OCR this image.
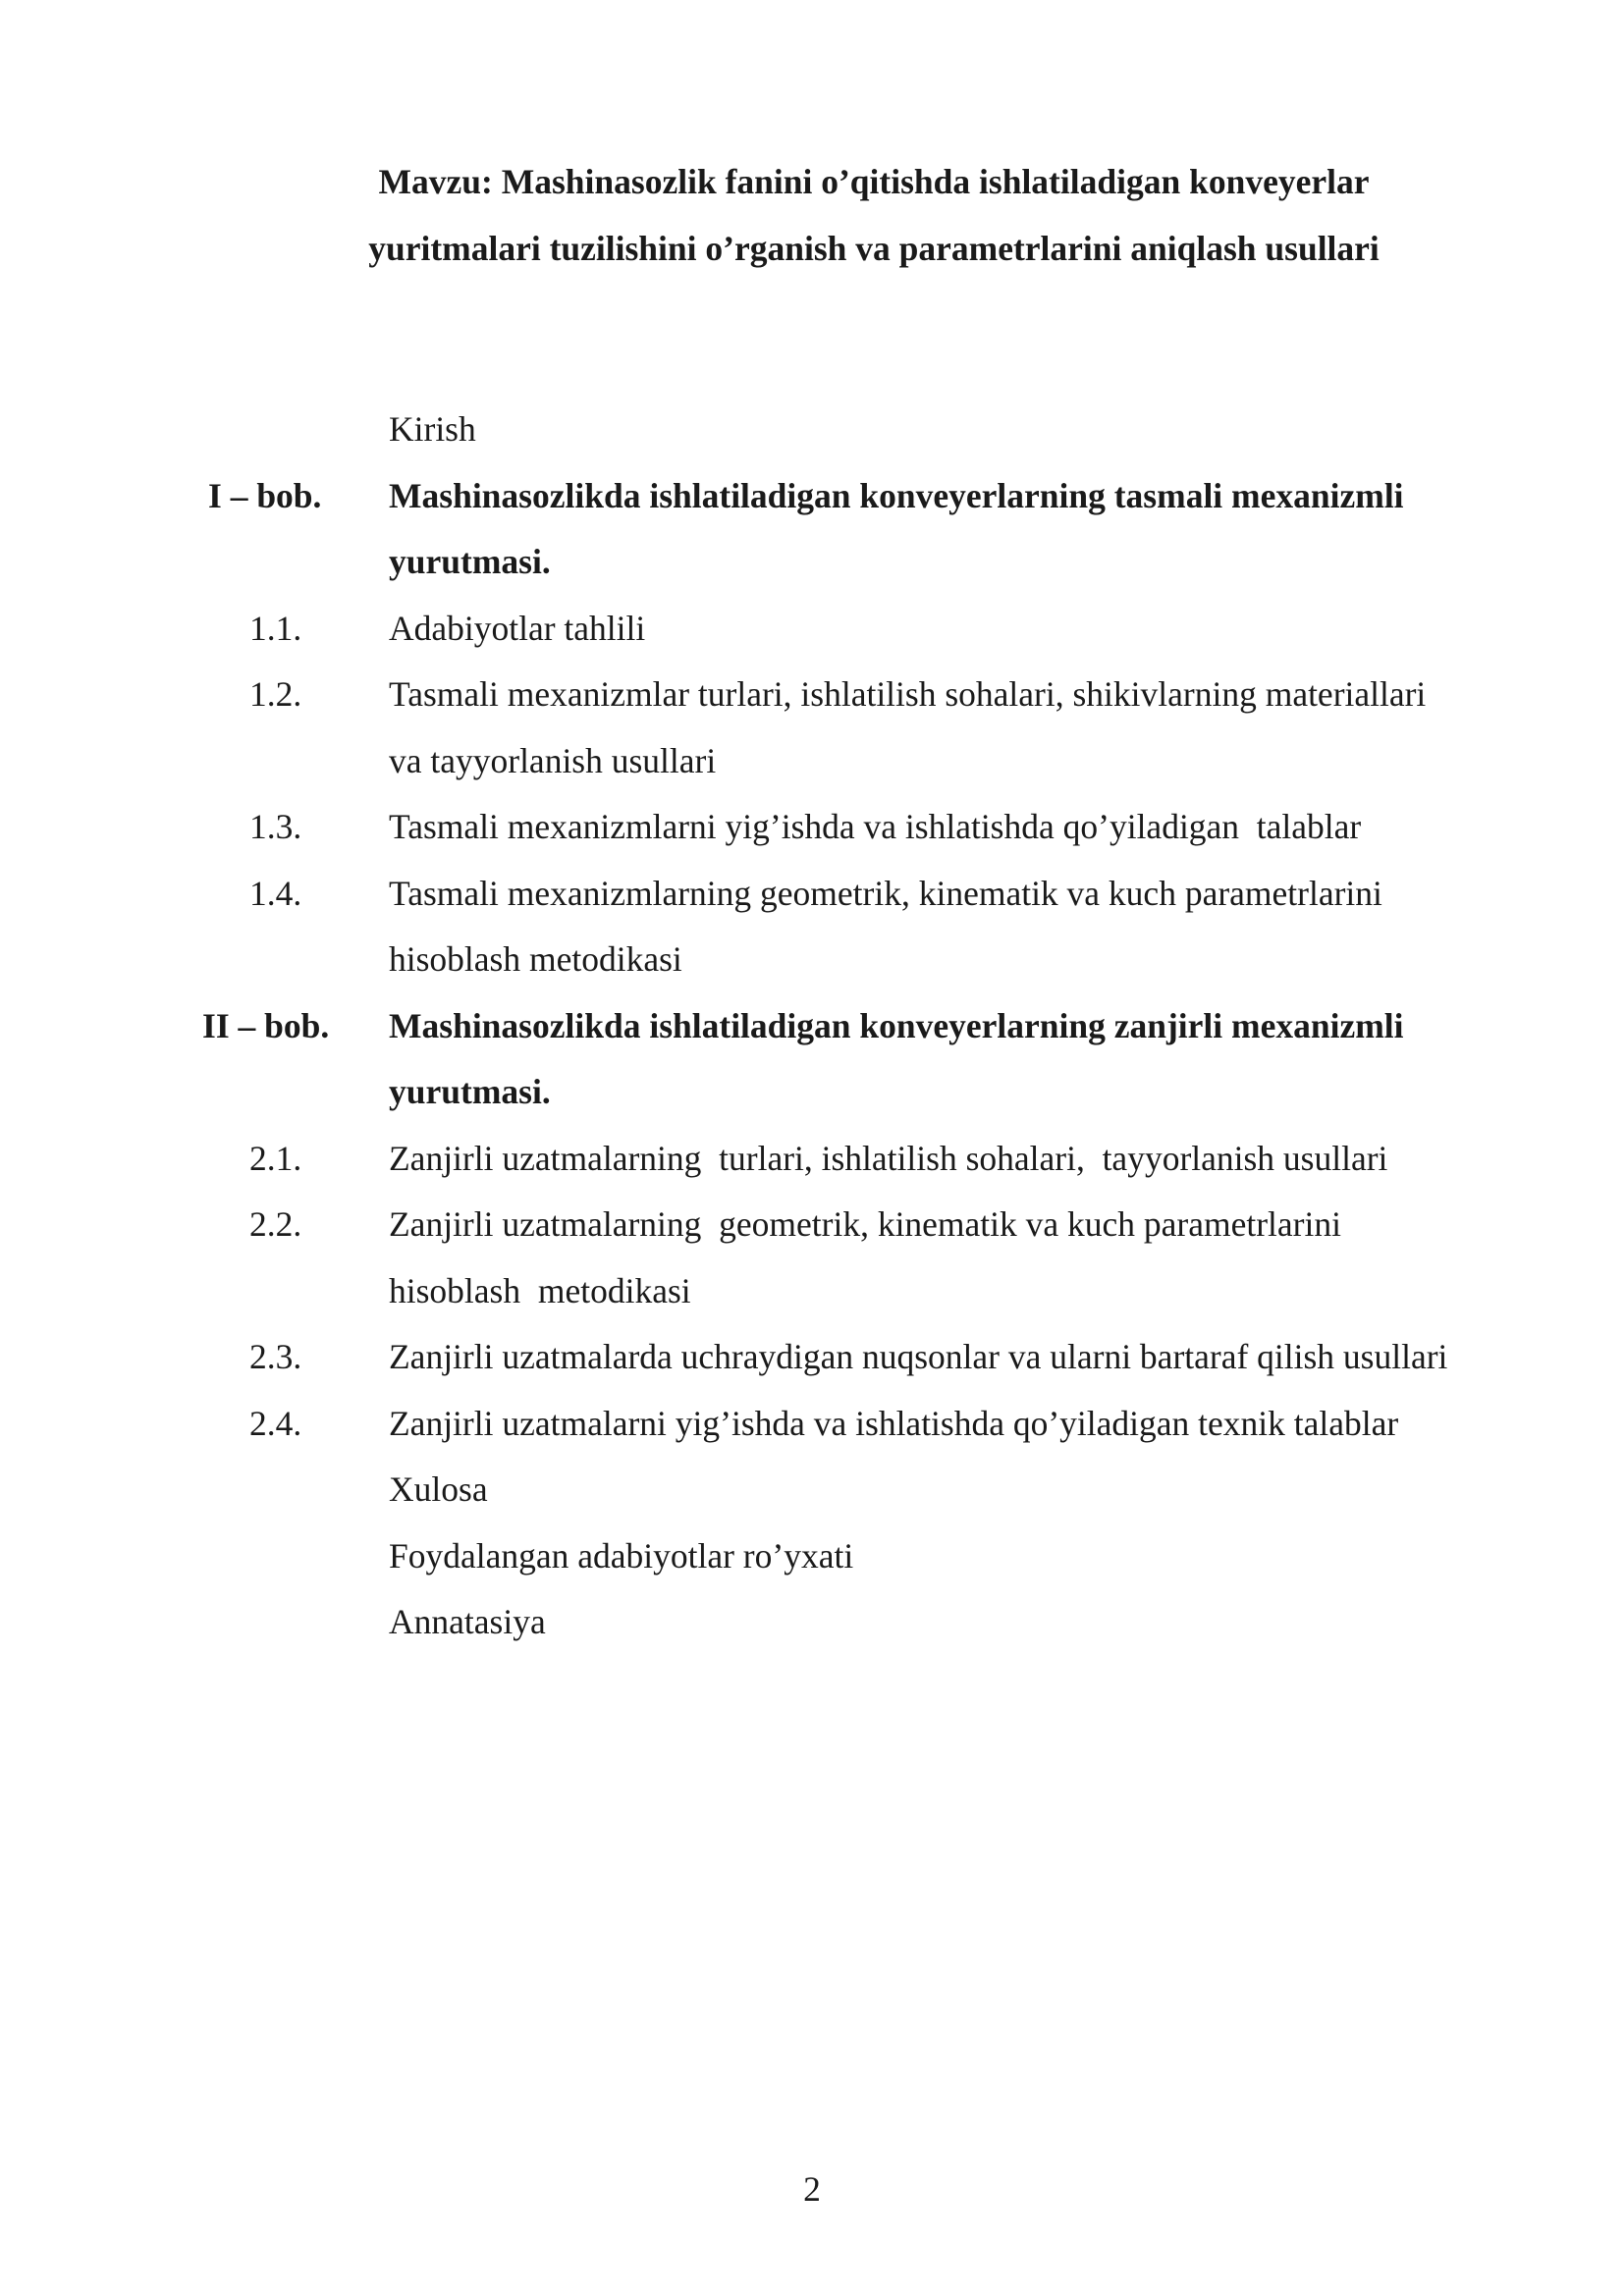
Mavzu: Mashinasozlik fanini o’qitishda ishlatiladigan konveyerlar
yuritmalari tuzilishini o’rganish va parametrlarini aniqlash usullari
Kirish
I – bob. Mashinasozlikda ishlatiladigan konveyerlarning tasmali mexanizmli
yurutmasi.
1.1.	Adabiyotlar tahlili
1.2.	Tasmali mexanizmlar turlari, ishlatilish sohalari, shikivlarning materiallari
va tayyorlanish usullari
1.3.	Tasmali mexanizmlarni yig’ishda va ishlatishda qo’yiladigan  talablar
1.4.	Tasmali mexanizmlarning geometrik, kinematik va kuch parametrlarini
hisoblash metodikasi
II – bob. Mashinasozlikda ishlatiladigan konveyerlarning zanjirli mexanizmli
yurutmasi.
2.1.	Zanjirli uzatmalarning  turlari, ishlatilish sohalari,  tayyorlanish usullari
2.2.	Zanjirli uzatmalarning  geometrik, kinematik va kuch parametrlarini
hisoblash  metodikasi
2.3.	Zanjirli uzatmalarda uchraydigan nuqsonlar va ularni bartaraf qilish usullari
2.4.	Zanjirli uzatmalarni yig’ishda va ishlatishda qo’yiladigan texnik talablar
Xulosa
Foydalangan adabiyotlar ro’yxati
Annatasiya
2
